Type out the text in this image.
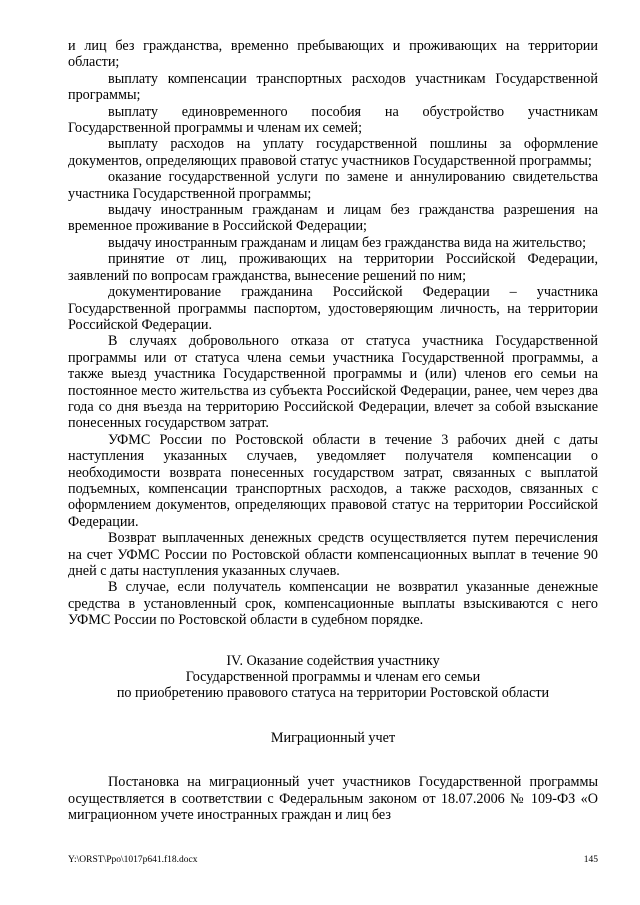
и лиц без гражданства, временно пребывающих и проживающих на территории области;

выплату компенсации транспортных расходов участникам Государственной программы;

выплату единовременного пособия на обустройство участникам Государственной программы и членам их семей;

выплату расходов на уплату государственной пошлины за оформление документов, определяющих правовой статус участников Государственной программы;

оказание государственной услуги по замене и аннулированию свидетельства участника Государственной программы;

выдачу иностранным гражданам и лицам без гражданства разрешения на временное проживание в Российской Федерации;

выдачу иностранным гражданам и лицам без гражданства вида на жительство;

принятие от лиц, проживающих на территории Российской Федерации, заявлений по вопросам гражданства, вынесение решений по ним;

документирование гражданина Российской Федерации – участника Государственной программы паспортом, удостоверяющим личность, на территории Российской Федерации.

В случаях добровольного отказа от статуса участника Государственной программы или от статуса члена семьи участника Государственной программы, а также выезд участника Государственной программы и (или) членов его семьи на постоянное место жительства из субъекта Российской Федерации, ранее, чем через два года со дня въезда на территорию Российской Федерации, влечет за собой взыскание понесенных государством затрат.

УФМС России по Ростовской области в течение 3 рабочих дней с даты наступления указанных случаев, уведомляет получателя компенсации о необходимости возврата понесенных государством затрат, связанных с выплатой подъемных, компенсации транспортных расходов, а также расходов, связанных с оформлением документов, определяющих правовой статус на территории Российской Федерации.

Возврат выплаченных денежных средств осуществляется путем перечисления на счет УФМС России по Ростовской области компенсационных выплат в течение 90 дней с даты наступления указанных случаев.

В случае, если получатель компенсации не возвратил указанные денежные средства в установленный срок, компенсационные выплаты взыскиваются с него УФМС России по Ростовской области в судебном порядке.

IV. Оказание содействия участнику

Государственной программы и членам его семьи

по приобретению правового статуса на территории Ростовской области

Миграционный учет

Постановка на миграционный учет участников Государственной программы осуществляется в соответствии с Федеральным законом от 18.07.2006 № 109-ФЗ «О миграционном учете иностранных граждан и лиц без

Y:\ORST\Ppo\1017p641.f18.docx	145
